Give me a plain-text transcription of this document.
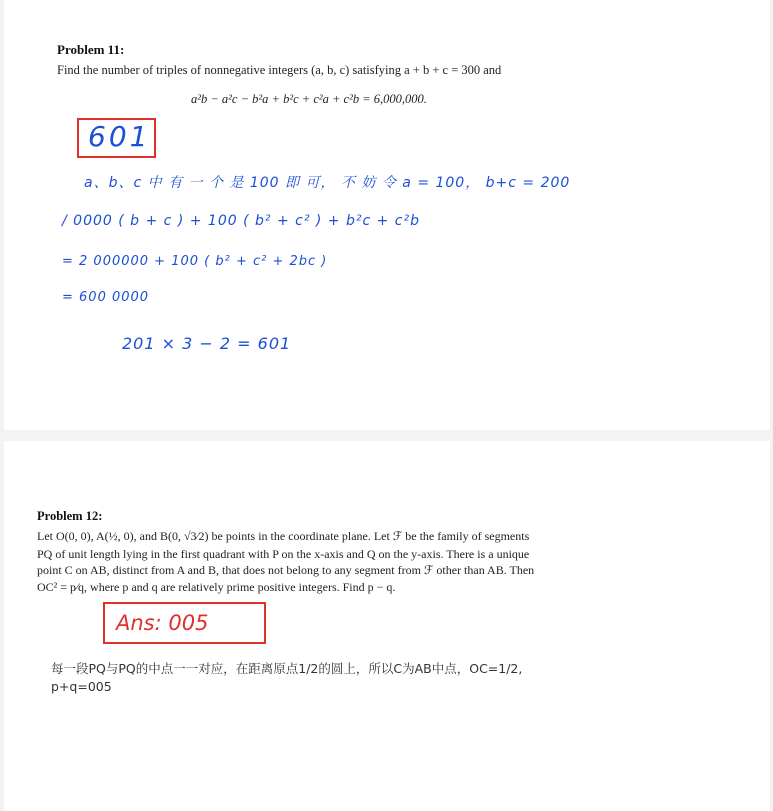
Problem 11:
Find the number of triples of nonnegative integers (a, b, c) satisfying a + b + c = 300 and
a²b − a²c − b²a + b²c + c²a + c²b = 6,000,000.
601
a、b、c 中 有 一 个 是 100 即 可， 不 妨 令 a = 100， b+c = 200
/ 0000 ( b + c ) + 100 ( b² + c² ) + b²c + c²b
= 2 000000 + 100 ( b² + c² + 2bc )
= 600 0000
201 × 3 − 2 = 601
Problem 12:
Let O(0, 0), A(½, 0), and B(0, √3⁄2) be points in the coordinate plane. Let ℱ be the family of segments
PQ of unit length lying in the first quadrant with P on the x-axis and Q on the y-axis. There is a unique
point C on AB, distinct from A and B, that does not belong to any segment from ℱ other than AB. Then
OC² = p⁄q, where p and q are relatively prime positive integers. Find p − q.
Ans: 005
每一段PQ与PQ的中点一一对应，在距离原点1/2的圆上，所以C为AB中点，OC=1/2,
p+q=005
